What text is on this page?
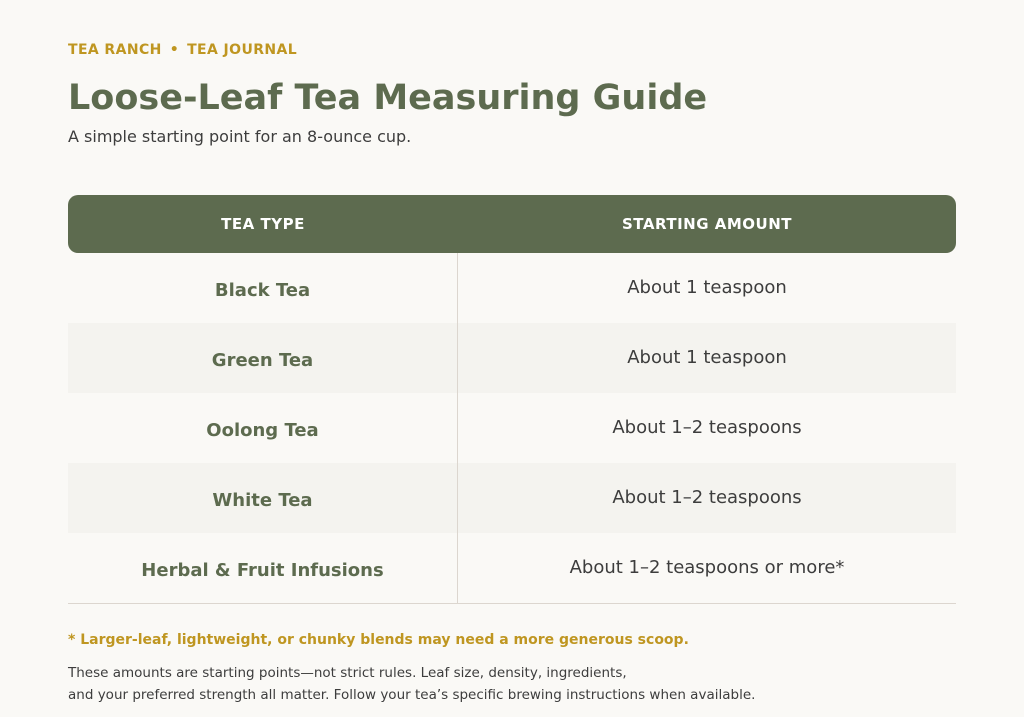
TEA RANCH • TEA JOURNAL
Loose-Leaf Tea Measuring Guide
A simple starting point for an 8-ounce cup.
TEA TYPE	STARTING AMOUNT
Black Tea	About 1 teaspoon
Green Tea	About 1 teaspoon
Oolong Tea	About 1–2 teaspoons
White Tea	About 1–2 teaspoons
Herbal & Fruit Infusions	About 1–2 teaspoons or more*
* Larger-leaf, lightweight, or chunky blends may need a more generous scoop.
These amounts are starting points—not strict rules. Leaf size, density, ingredients,
and your preferred strength all matter. Follow your tea’s specific brewing instructions when available.
